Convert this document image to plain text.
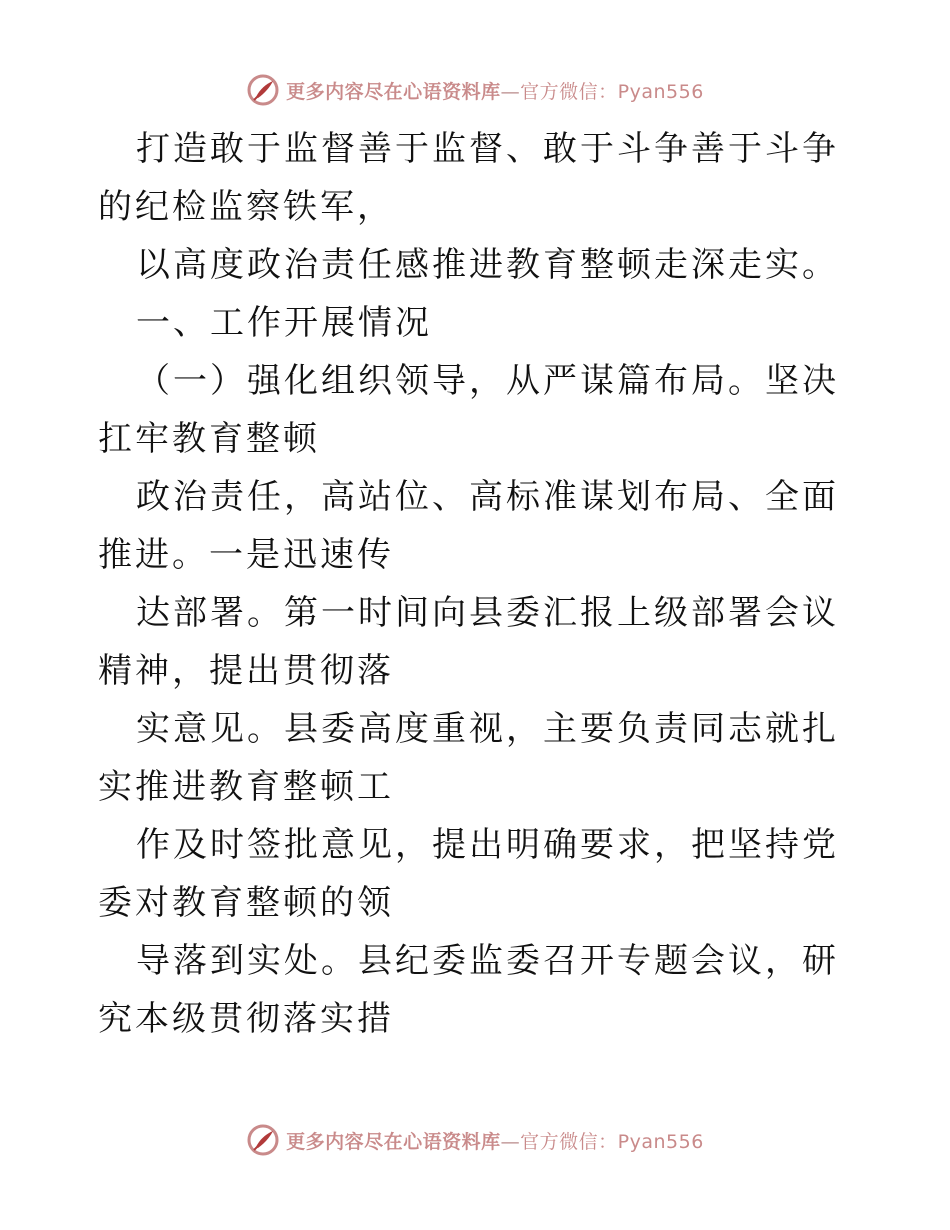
更多内容尽在心语资料库—官方微信：Pyan556

打造敢于监督善于监督、敢于斗争善于斗争的纪检监察铁军，

以高度政治责任感推进教育整顿走深走实。

一、工作开展情况

（一）强化组织领导，从严谋篇布局。坚决扛牢教育整顿

政治责任，高站位、高标准谋划布局、全面推进。一是迅速传

达部署。第一时间向县委汇报上级部署会议精神，提出贯彻落

实意见。县委高度重视，主要负责同志就扎实推进教育整顿工

作及时签批意见，提出明确要求，把坚持党委对教育整顿的领

导落到实处。县纪委监委召开专题会议，研究本级贯彻落实措

更多内容尽在心语资料库—官方微信：Pyan556
